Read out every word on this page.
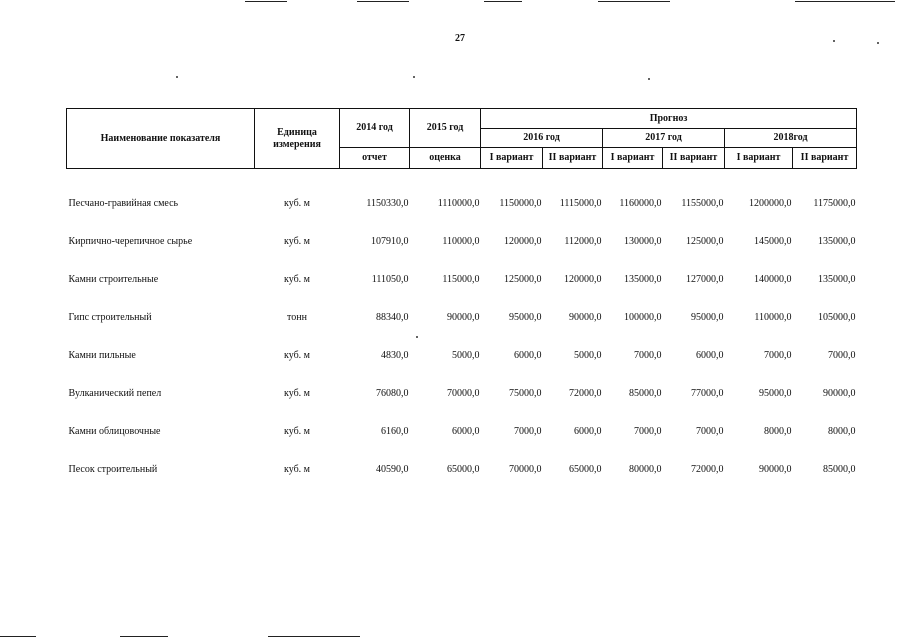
27
Наименование показателя	Единица измерения	2014 год	2015 год	Прогноз					
				2016 год		2017 год		2018год	
		отчет	оценка	I вариант	II вариант	I вариант	II вариант	I вариант	II вариант

Песчано-гравийная смесь	куб. м	1150330,0	1110000,0	1150000,0	1115000,0	1160000,0	1155000,0	1200000,0	1175000,0
Кирпично-черепичное сырье	куб. м	107910,0	110000,0	120000,0	112000,0	130000,0	125000,0	145000,0	135000,0
Камни строительные	куб. м	111050,0	115000,0	125000,0	120000,0	135000,0	127000,0	140000,0	135000,0
Гипс строительный	тонн	88340,0	90000,0	95000,0	90000,0	100000,0	95000,0	110000,0	105000,0
Камни пильные	куб. м	4830,0	5000,0	6000,0	5000,0	7000,0	6000,0	7000,0	7000,0
Вулканический пепел	куб. м	76080,0	70000,0	75000,0	72000,0	85000,0	77000,0	95000,0	90000,0
Камни облицовочные	куб. м	6160,0	6000,0	7000,0	6000,0	7000,0	7000,0	8000,0	8000,0
Песок строительный	куб. м	40590,0	65000,0	70000,0	65000,0	80000,0	72000,0	90000,0	85000,0
